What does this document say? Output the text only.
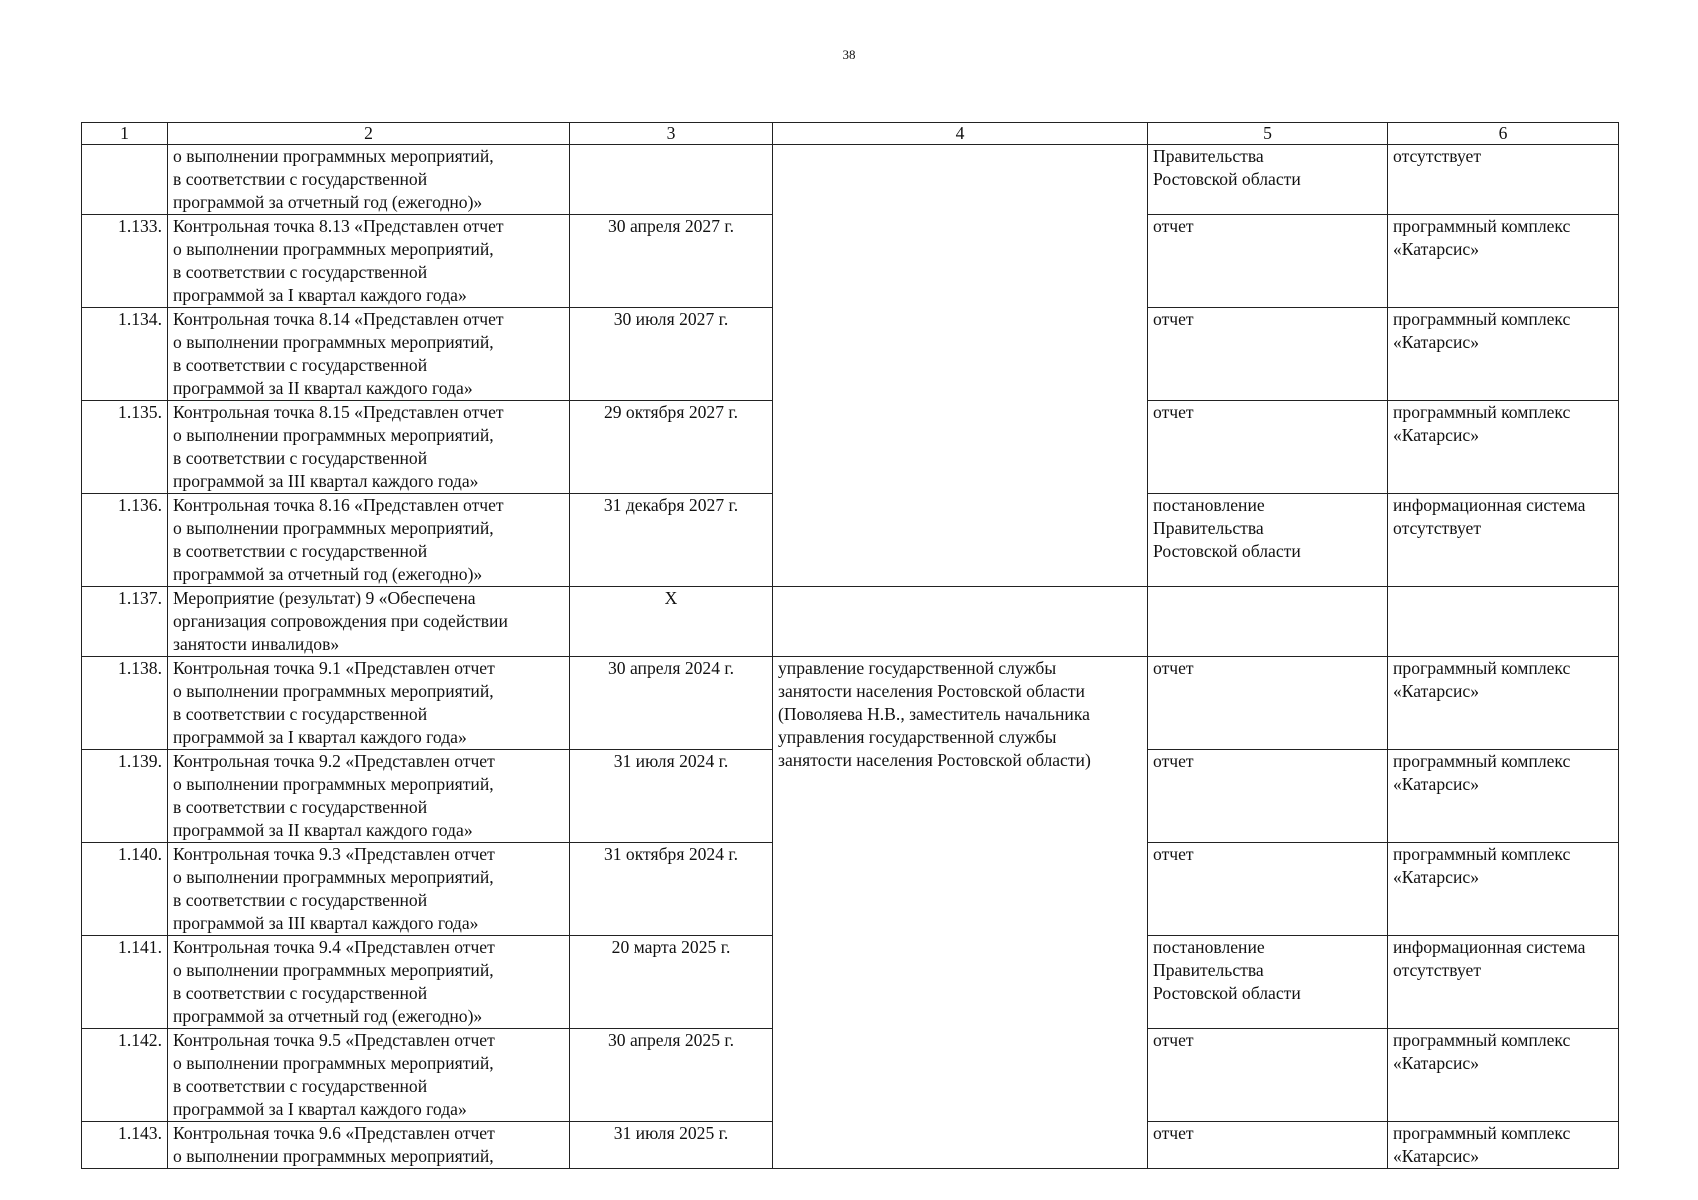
38
1	2	3	4	5	6
	о выполнении программных мероприятий,
в соответствии с государственной
программой за отчетный год (ежегодно)»			Правительства
Ростовской области	отсутствует
1.133.	Контрольная точка 8.13 «Представлен отчет
о выполнении программных мероприятий,
в соответствии с государственной
программой за I квартал каждого года»	30 апреля 2027 г.		отчет	программный комплекс
«Катарсис»
1.134.	Контрольная точка 8.14 «Представлен отчет
о выполнении программных мероприятий,
в соответствии с государственной
программой за II квартал каждого года»	30 июля 2027 г.		отчет	программный комплекс
«Катарсис»
1.135.	Контрольная точка 8.15 «Представлен отчет
о выполнении программных мероприятий,
в соответствии с государственной
программой за III квартал каждого года»	29 октября 2027 г.		отчет	программный комплекс
«Катарсис»
1.136.	Контрольная точка 8.16 «Представлен отчет
о выполнении программных мероприятий,
в соответствии с государственной
программой за отчетный год (ежегодно)»	31 декабря 2027 г.		постановление
Правительства
Ростовской области	информационная система
отсутствует
1.137.	Мероприятие (результат) 9 «Обеспечена
организация сопровождения при содействии
занятости инвалидов»	X			
1.138.	Контрольная точка 9.1 «Представлен отчет
о выполнении программных мероприятий,
в соответствии с государственной
программой за I квартал каждого года»	30 апреля 2024 г.	управление государственной службы
занятости населения Ростовской области
(Поволяева Н.В., заместитель начальника
управления государственной службы
занятости населения Ростовской области)	отчет	программный комплекс
«Катарсис»
1.139.	Контрольная точка 9.2 «Представлен отчет
о выполнении программных мероприятий,
в соответствии с государственной
программой за II квартал каждого года»	31 июля 2024 г.		отчет	программный комплекс
«Катарсис»
1.140.	Контрольная точка 9.3 «Представлен отчет
о выполнении программных мероприятий,
в соответствии с государственной
программой за III квартал каждого года»	31 октября 2024 г.		отчет	программный комплекс
«Катарсис»
1.141.	Контрольная точка 9.4 «Представлен отчет
о выполнении программных мероприятий,
в соответствии с государственной
программой за отчетный год (ежегодно)»	20 марта 2025 г.		постановление
Правительства
Ростовской области	информационная система
отсутствует
1.142.	Контрольная точка 9.5 «Представлен отчет
о выполнении программных мероприятий,
в соответствии с государственной
программой за I квартал каждого года»	30 апреля 2025 г.		отчет	программный комплекс
«Катарсис»
1.143.	Контрольная точка 9.6 «Представлен отчет
о выполнении программных мероприятий,	31 июля 2025 г.		отчет	программный комплекс
«Катарсис»
